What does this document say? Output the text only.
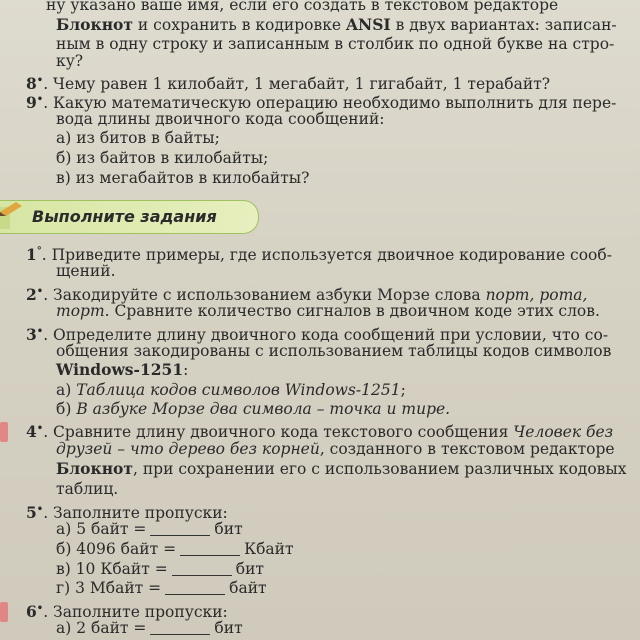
ну указано ваше имя, если его создать в текстовом редакторе
Блокнот и сохранить в кодировке ANSI в двух вариантах: записан-
ным в одну строку и записанным в столбик по одной букве на стро-
ку?
8•. Чему равен 1 килобайт, 1 мегабайт, 1 гигабайт, 1 терабайт?
9•. Какую математическую операцию необходимо выполнить для пере-
вода длины двоичного кода сообщений:
а) из битов в байты;
б) из байтов в килобайты;
в) из мегабайтов в килобайты?
Выполните задания
1°. Приведите примеры, где используется двоичное кодирование сооб-
щений.
2•. Закодируйте с использованием азбуки Морзе слова порт, рота,
торт. Сравните количество сигналов в двоичном коде этих слов.
3•. Определите длину двоичного кода сообщений при условии, что со-
общения закодированы с использованием таблицы кодов символов
Windows-1251:
а) Таблица кодов символов Windows-1251;
б) В азбуке Морзе два символа – точка и тире.
4•. Сравните длину двоичного кода текстового сообщения Человек без
друзей – что дерево без корней, созданного в текстовом редакторе
Блокнот, при сохранении его с использованием различных кодовых
таблиц.
5•. Заполните пропуски:
а) 5 байт =	бит
б) 4096 байт =	Кбайт
в) 10 Кбайт =	бит
г) 3 Мбайт =	байт
6•. Заполните пропуски:
а) 2 байт =	бит
